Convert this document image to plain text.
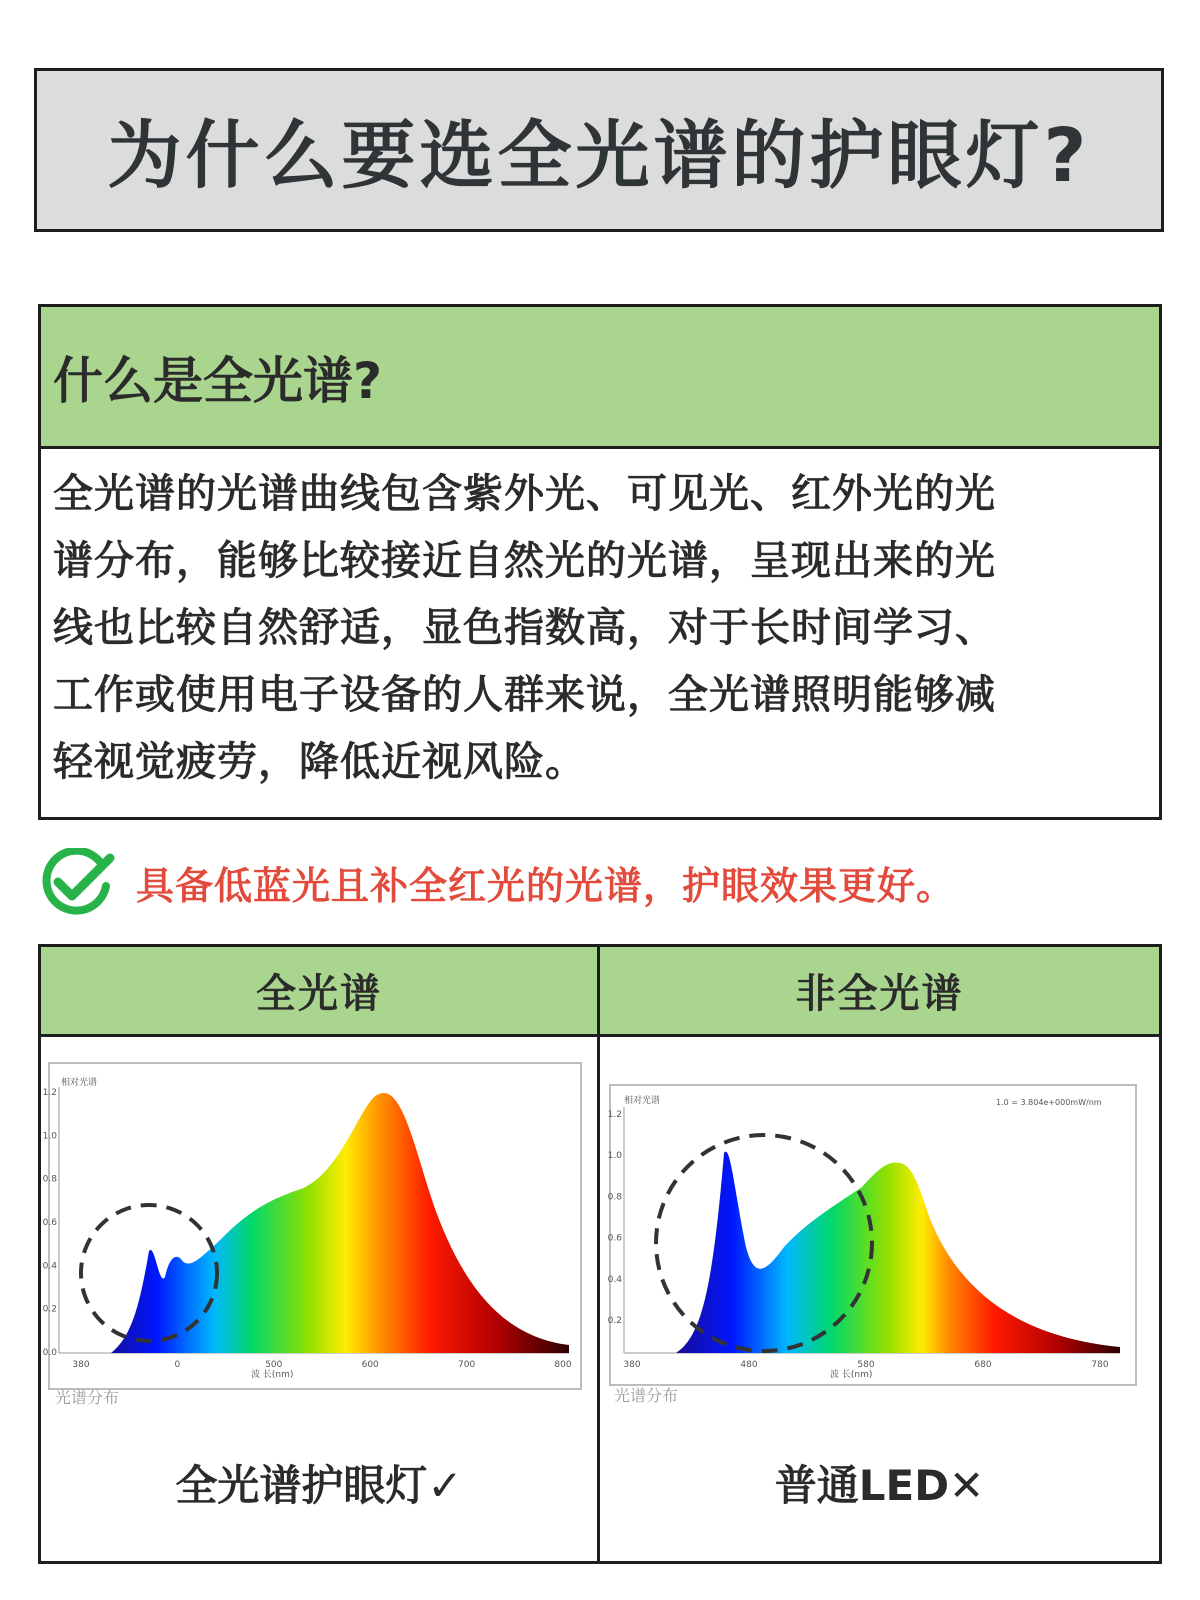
为什么要选全光谱的护眼灯?
什么是全光谱?
全光谱的光谱曲线包含紫外光、可见光、红外光的光
谱分布，能够比较接近自然光的光谱，呈现出来的光
线也比较自然舒适，显色指数高，对于长时间学习、
工作或使用电子设备的人群来说，全光谱照明能够减
轻视觉疲劳，降低近视风险。
具备低蓝光且补全红光的光谱，护眼效果更好。
全光谱
相对光谱
波 长(nm)
光谱分布
1.2
1.0
0.8
0.6
0.4
0.2
0.0
380	0	500	600	700	800
全光谱护眼灯✓
非全光谱
相对光谱	1.0 = 3.804e+000mW/nm
波 长(nm)
光谱分布
1.2
1.0
0.8
0.6
0.4
0.2
380	480	580	680	780
普通LED✕
